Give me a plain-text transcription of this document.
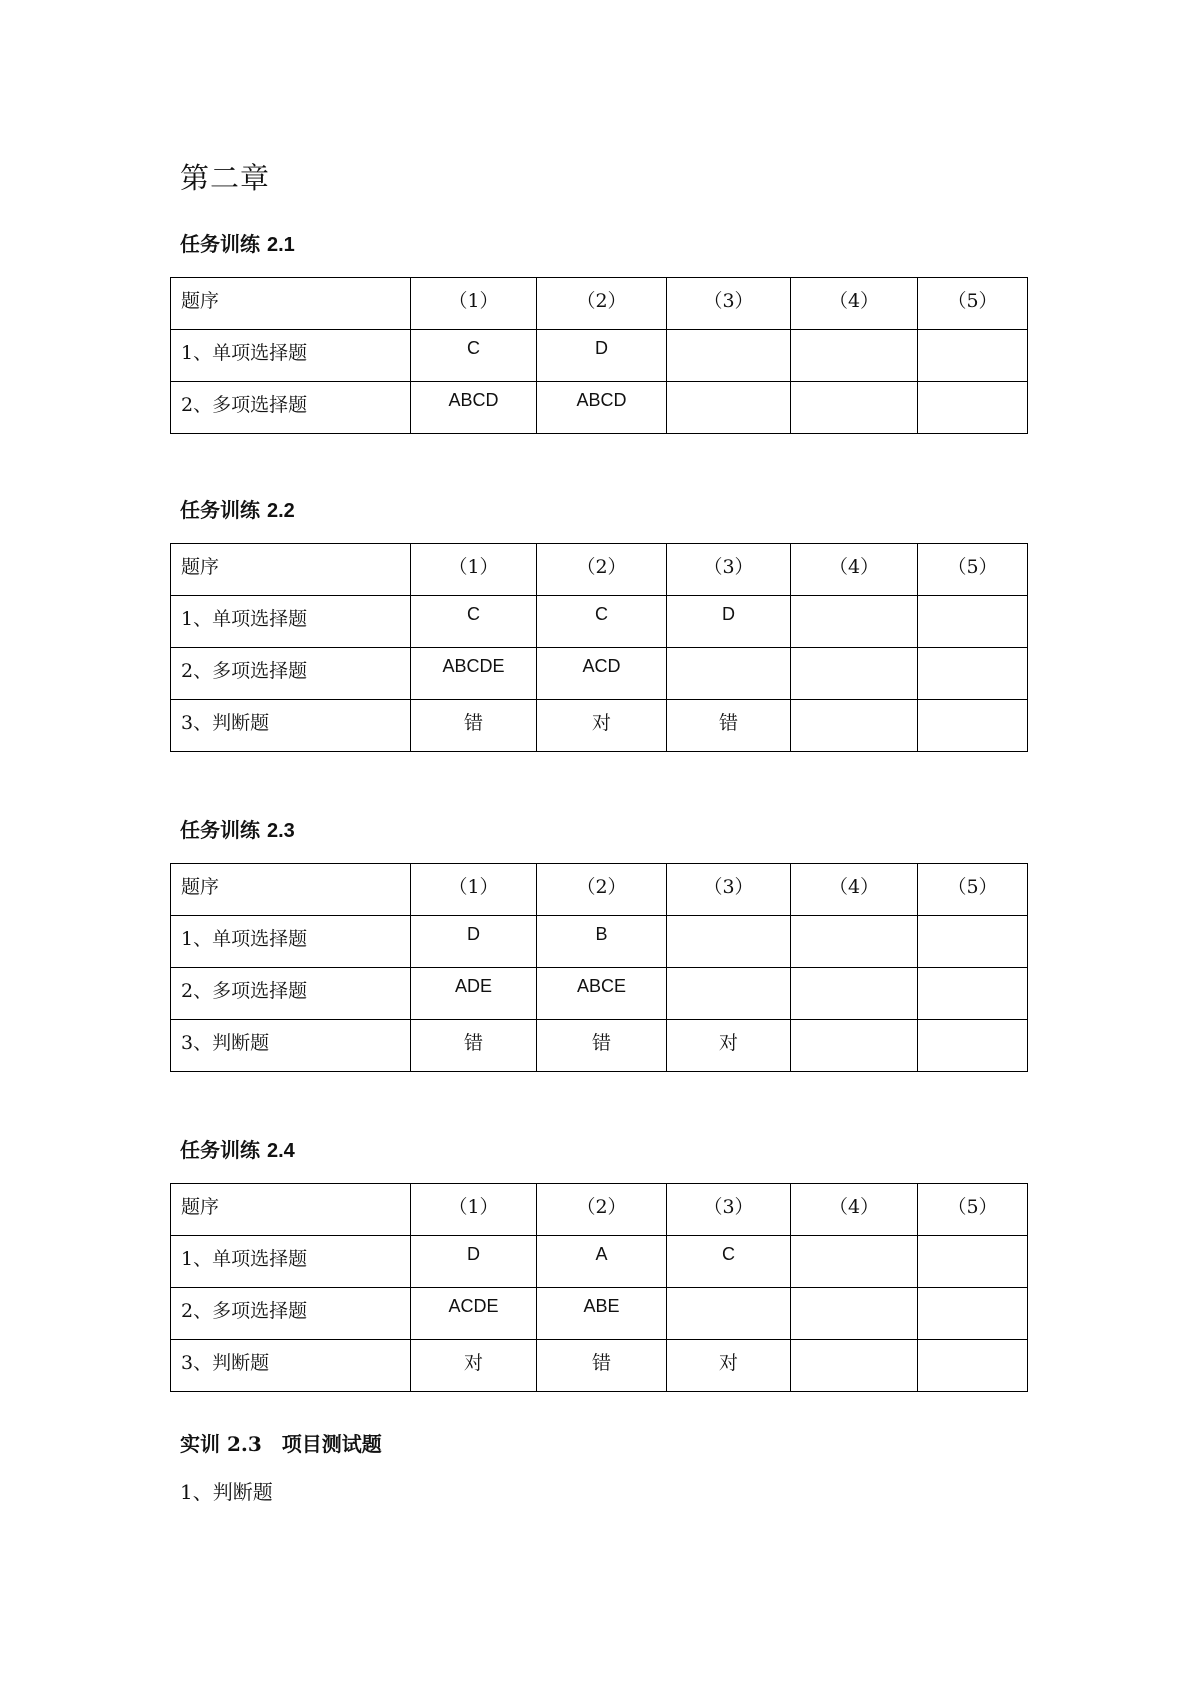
第二章
任务训练 2.1
题序	（1）	（2）	（3）	（4）	（5）

1、单项选择题	C	D			

2、多项选择题	ABCD	ABCD			

任务训练 2.2
题序	（1）	（2）	（3）	（4）	（5）

1、单项选择题	C	C	D		

2、多项选择题	ABCDE	ACD			

3、判断题	错	对	错		

任务训练 2.3
题序	（1）	（2）	（3）	（4）	（5）

1、单项选择题	D	B			

2、多项选择题	ADE	ABCE			

3、判断题	错	错	对		

任务训练 2.4
题序	（1）	（2）	（3）	（4）	（5）

1、单项选择题	D	A	C		

2、多项选择题	ACDE	ABE			

3、判断题	对	错	对		

实训 2.3　项目测试题

1、判断题
